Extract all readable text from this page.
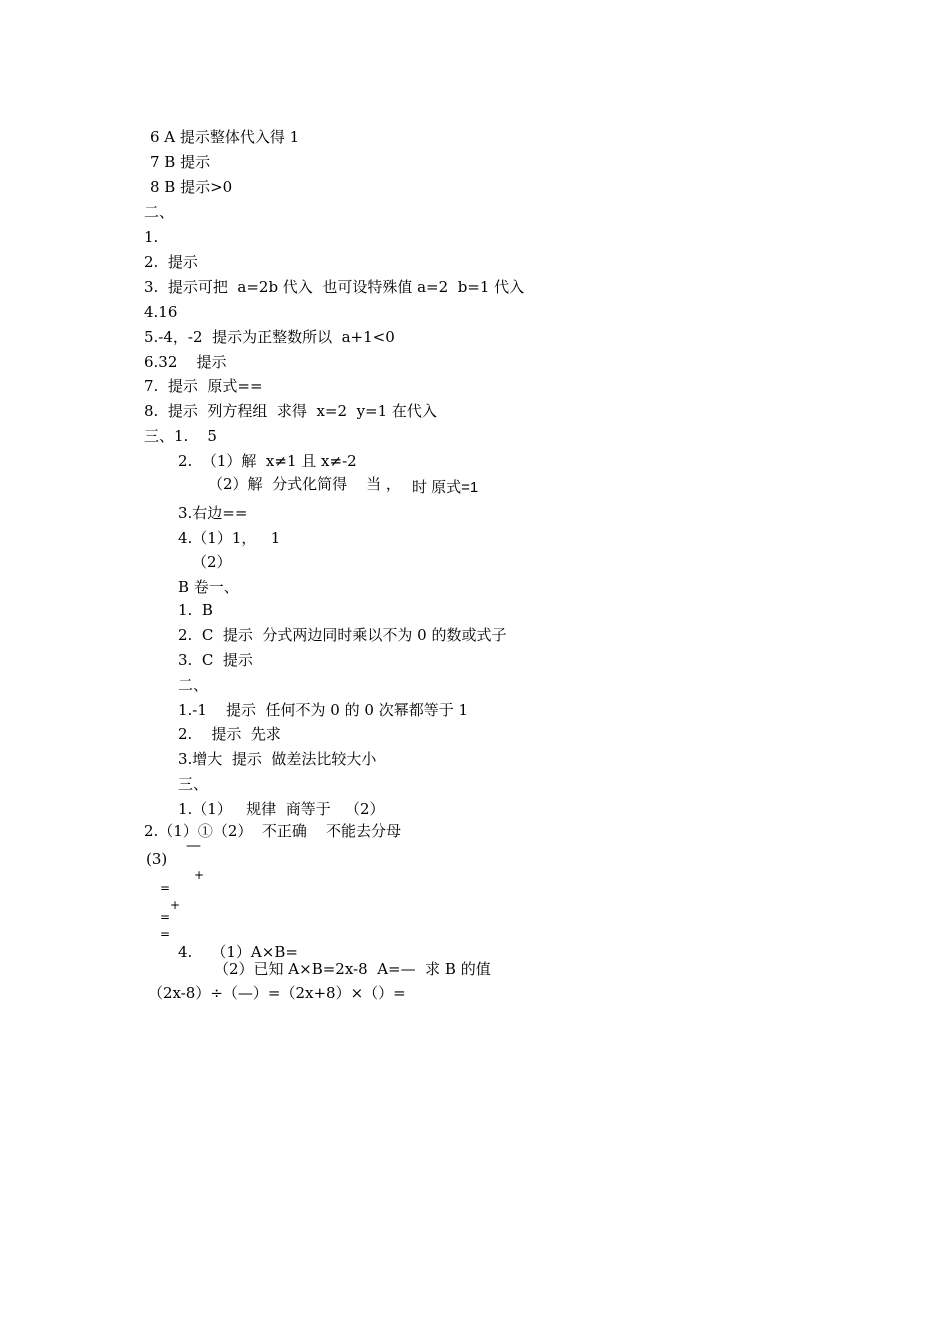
6 A 提示整体代入得 1
7 B 提示
8 B 提示>0
二、
1.
2.  提示
3.  提示可把  a=2b 代入  也可设特殊值 a=2  b=1 代入
4.16
5.-4，-2  提示为正整数所以  a+1<0
6.32    提示
7.  提示  原式==
8.  提示  列方程组  求得  x=2  y=1 在代入
三、1.    5
2.  （1）解  x≠1 且 x≠-2
（2）解  分式化简得    当 ， 时 原式=1
3.右边==
4.（1）1，   1
（2）
B 卷一、
1.  B
2.  C  提示  分式两边同时乘以不为 0 的数或式子
3.  C  提示
二、
1.-1    提示  任何不为 0 的 0 次幂都等于 1
2.    提示  先求
3.增大  提示  做差法比较大小
三、
1.（1）   规律  商等于   （2）
2.（1）①（2）  不正确    不能去分母
—
(3)
+
=
+
=
=
4.    （1）A×B=
（2）已知 A×B=2x-8  A=—  求 B 的值
（2x-8）÷（—）=（2x+8）×（）=
